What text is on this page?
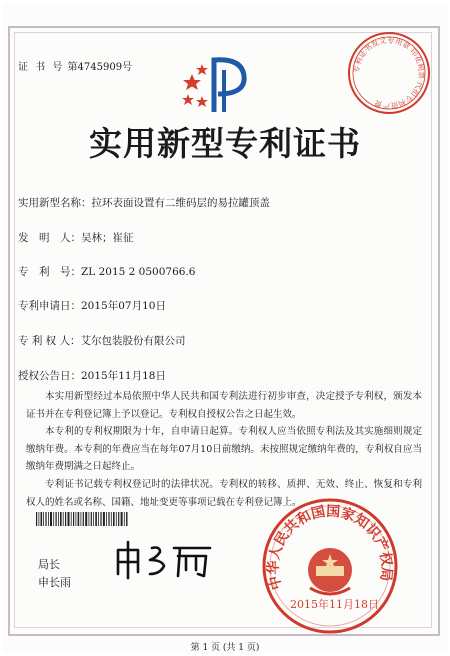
证 书 号 第4745909号	专利证书发文专用章 印花税票 代扣专利资产费
实用新型专利证书
实用新型名称：拉环表面设置有二维码层的易拉罐顶盖
发　明　人：吴林；崔征
专　利　号：ZL 2015 2 0500766.6
专利申请日：2015年07月10日
专 利 权 人：艾尔包装股份有限公司
授权公告日：2015年11月18日

本实用新型经过本局依照中华人民共和国专利法进行初步审查，决定授予专利权，颁发本证书并在专利登记簿上予以登记。专利权自授权公告之日起生效。

本专利的专利权期限为十年，自申请日起算。专利权人应当依照专利法及其实施细则规定缴纳年费。本专利的年费应当在每年07月10日前缴纳。未按照规定缴纳年费的，专利权自应当缴纳年费期满之日起终止。

专利证书记载专利权登记时的法律状况。专利权的转移、质押、无效、终止、恢复和专利权人的姓名或名称、国籍、地址变更等事项记载在专利登记簿上。

局长
申长雨	中华人民共和国国家知识产权局
2015年11月18日
第 1 页 (共 1 页)
